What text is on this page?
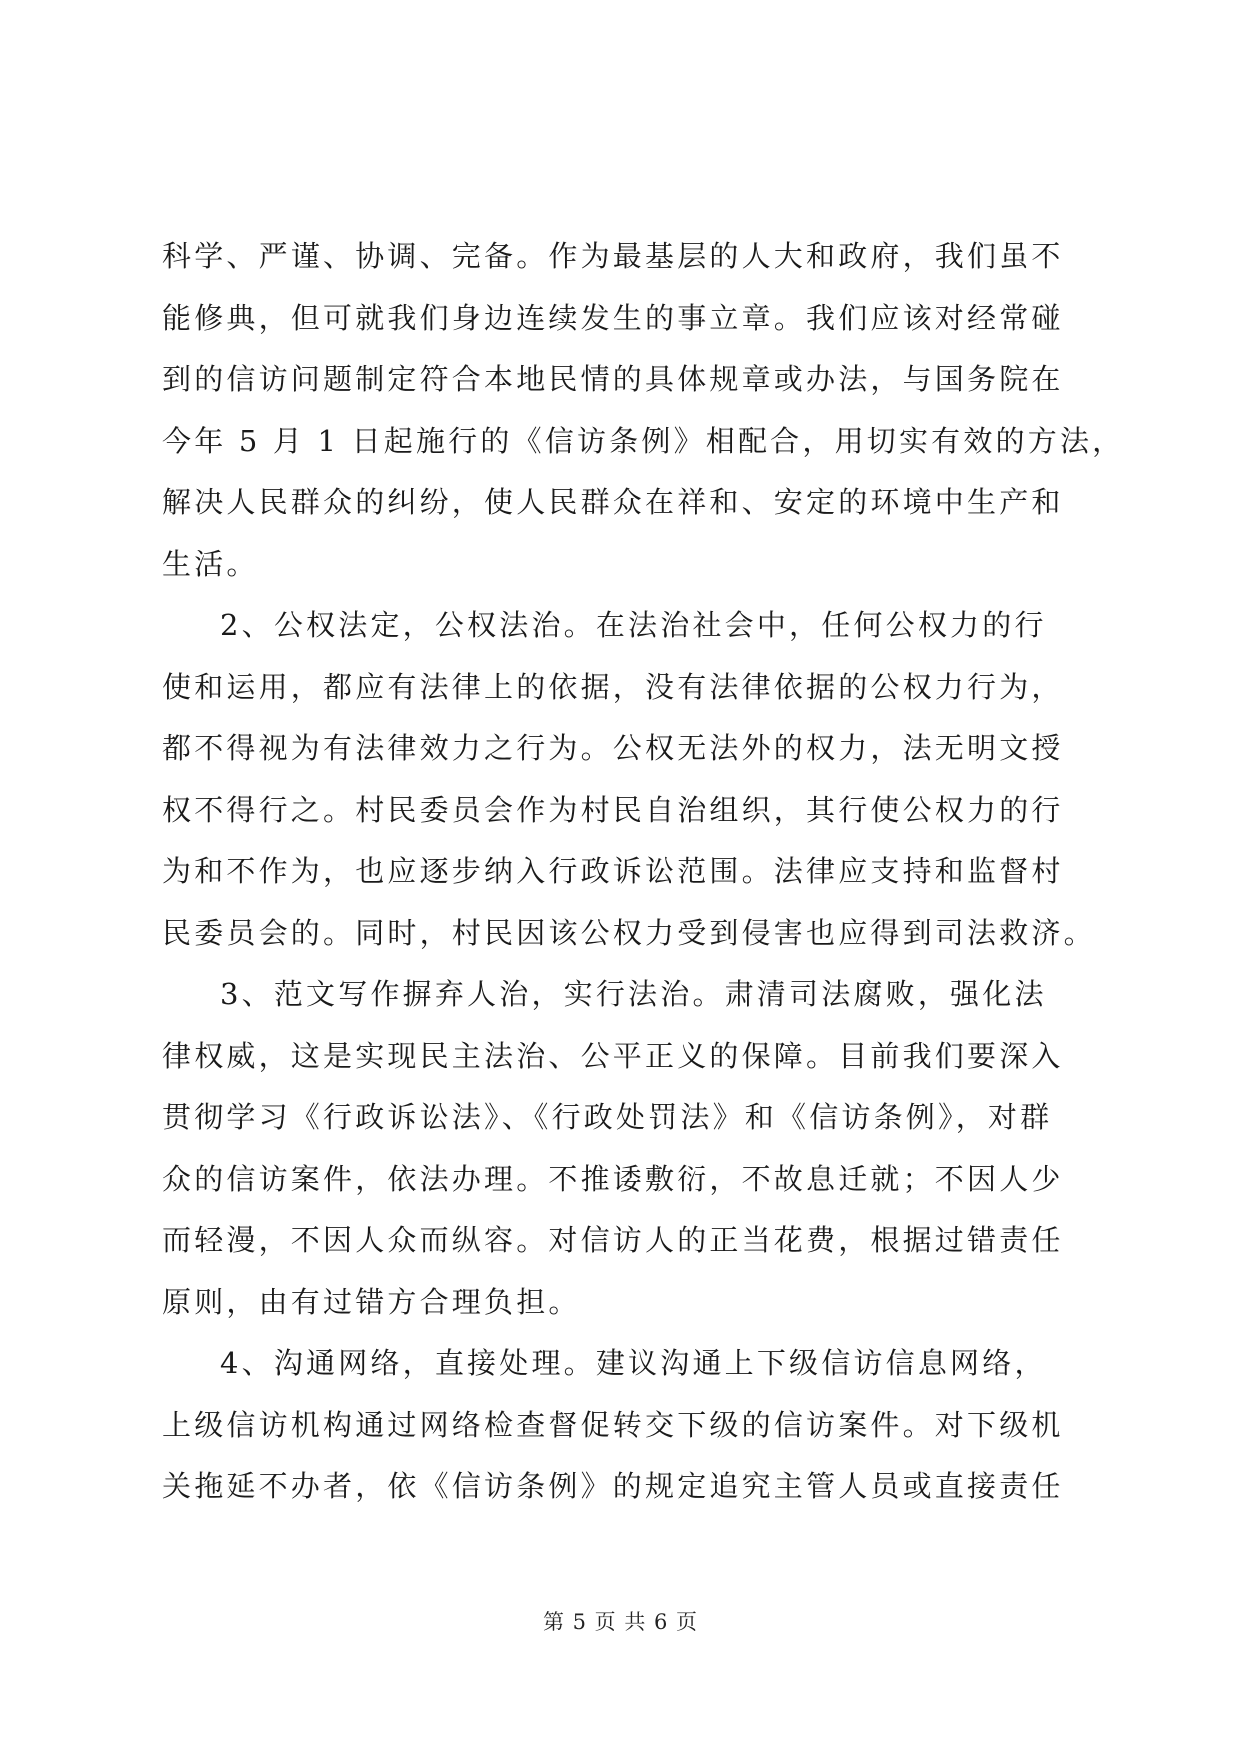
科学、严谨、协调、完备。作为最基层的人大和政府，我们虽不
能修典，但可就我们身边连续发生的事立章。我们应该对经常碰
到的信访问题制定符合本地民情的具体规章或办法，与国务院在
今年 5 月 1 日起施行的《信访条例》相配合，用切实有效的方法，
解决人民群众的纠纷，使人民群众在祥和、安定的环境中生产和
生活。
2、公权法定，公权法治。在法治社会中，任何公权力的行
使和运用，都应有法律上的依据，没有法律依据的公权力行为，
都不得视为有法律效力之行为。公权无法外的权力，法无明文授
权不得行之。村民委员会作为村民自治组织，其行使公权力的行
为和不作为，也应逐步纳入行政诉讼范围。法律应支持和监督村
民委员会的。同时，村民因该公权力受到侵害也应得到司法救济。
3、范文写作摒弃人治，实行法治。肃清司法腐败，强化法
律权威，这是实现民主法治、公平正义的保障。目前我们要深入
贯彻学习《行政诉讼法》、《行政处罚法》和《信访条例》，对群
众的信访案件，依法办理。不推诿敷衍，不故息迁就；不因人少
而轻漫，不因人众而纵容。对信访人的正当花费，根据过错责任
原则，由有过错方合理负担。
4、沟通网络，直接处理。建议沟通上下级信访信息网络，
上级信访机构通过网络检查督促转交下级的信访案件。对下级机
关拖延不办者，依《信访条例》的规定追究主管人员或直接责任
第 5 页 共 6 页
